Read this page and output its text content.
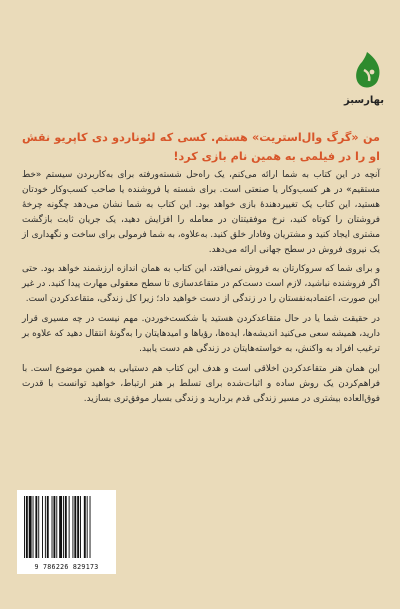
بهارسبز

من «گرگ وال‌استریت» هستم. کسی که لئوناردو دی کاپریو نقش او را در فیلمی به همین نام بازی کرد!

آنچه در این کتاب به شما ارائه می‌کنم، یک راه‌حل شسته‌ورفته برای به‌کاربردن سیستم «خط مستقیم» در هر کسب‌وکار یا صنعتی است. برای شسته یا فروشنده یا صاحب کسب‌وکار خودتان هستید، این کتاب یک تغییردهندهٔ بازی خواهد بود. این کتاب به شما نشان می‌دهد چگونه چرخهٔ فروشتان را کوتاه کنید، نرخ موفقیتتان در معامله را افزایش دهید، یک جریان ثابت بازگشت مشتری ایجاد کنید و مشتریان وفادار خلق کنید. به‌علاوه، به شما فرمولی برای ساخت و نگهداری از یک نیروی فروش در سطح جهانی ارائه می‌دهد.

و برای شما که سروکارتان به فروش نمی‌افتد، این کتاب به همان اندازه ارزشمند خواهد بود. حتی اگر فروشنده نباشید، لازم است دست‌کم در متقاعدسازی تا سطح معقولی مهارت پیدا کنید. در غیر این صورت، اعتمادبه‌نفستان را در زندگی از دست خواهید داد؛ زیرا کل زندگی، متقاعدکردن است.

در حقیقت شما یا در حال متقاعدکردن هستید یا شکست‌خوردن. مهم نیست در چه مسیری قرار دارید، همیشه سعی می‌کنید اندیشه‌ها، ایده‌ها، رؤیاها و امیدهایتان را به‌گونهٔ انتقال دهید که علاوه بر ترغیب افراد به واکنش، به خواسته‌هایتان در زندگی هم دست یابید.

این همان هنر متقاعدکردن اخلاقی است و هدف این کتاب هم دستیابی به همین موضوع است. با فراهم‌کردن یک روش ساده و اثبات‌شده برای تسلط بر هنر ارتباط، خواهید توانست با قدرت فوق‌العاده بیشتری در مسیر زندگی قدم بردارید و زندگی بسیار موفق‌تری بسازید.

9 786226 829173
